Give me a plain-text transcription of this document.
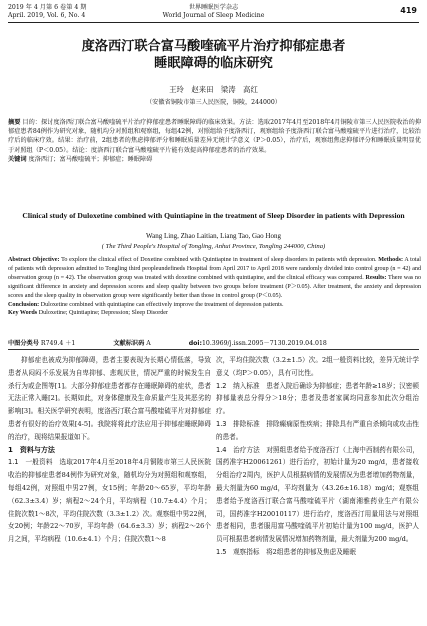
2019 年 4 月第 6 卷第 4 期
April. 2019, Vol. 6, No. 4
世界睡眠医学杂志
World Journal of Sleep Medicine
419
度洛西汀联合富马酸喹硫平片治疗抑郁症患者
睡眠障碍的临床研究
王玲　赵来田　梁涛　高红
（安徽省铜陵市第三人民医院，铜陵，244000）
摘要 目的：探讨度洛西汀联合富马酸喹硫平片治疗抑郁症患者睡眠障碍的临床效果。方法：选取2017年4月至2018年4月铜陵市第三人民医院收治的抑郁症患者84例作为研究对象，随机均分对照组和观察组，每组42例，对照组给予度洛西汀，观察组给予度洛西汀联合富马酸喹硫平片进行治疗，比较治疗后的临床疗效。结果：治疗前，2组患者的焦虑抑郁评分和睡眠质量差异无统计学意义（P＞0.05），治疗后，观察组焦虑抑郁评分和睡眠质量明显优于对照组（P＜0.05）。结论：度洛西汀联合富马酸喹硫平片能有效提高抑郁症患者的治疗效果。
关键词 度洛西汀；富马酸喹硫平；抑郁症；睡眠障碍
Clinical study of Duloxetine combined with Quintiapine in the treatment of Sleep Disorder in patients with Depression
Wang Ling, Zhao Laitian, Liang Tao, Gao Hong
( The Third People's Hospital of Tongling, Anhui Province, Tongling 244000, China)
Abstract Objective: To explore the clinical effect of Doxetine combined with Quintiapine in treatment of sleep disorders in patients with depression. Methods: A total of patients with depression admitted to Tongling third peopleundefineds Hospital from April 2017 to April 2018 were randomly divided into control group (n = 42) and observation group (n = 42). The observation group was treated with doxetine combined with quintiapine, and the clinical efficacy was compared. Results: There was no significant difference in anxiety and depression scores and sleep quality between two groups before treatment (P＞0.05). After treatment, the anxiety and depression scores and the sleep quality in observation group were significantly better than those in control group (P＜0.05).
Conclusion: Duloxetine combined with quintiapine can effectively improve the treatment of depression patients.
Key Words Duloxetine; Quintiapine; Depression; Sleep Disorder
中图分类号 R749.4 ＋1	文献标识码 A	doi:10.3969/j.issn.2095－7130.2019.04.018

抑郁症也被成为抑郁障碍，患者主要表现为长期心情低落，导致患者从闷闷不乐发展为自卑抑郁、悲观厌世，情况严重的时候发生自杀行为或企图等[1]。大部分抑郁症患者都存在睡眠障碍的症状，患者无法正常入睡[2]。长期如此，对身体健康及生命质量产生及其恶劣的影响[3]。相关医学研究表明，度洛西汀联合富马酸喹硫平片对抑郁症患者有很好的治疗效果[4-5]。我院将将此疗法应用于抑郁症睡眠障碍的治疗，现将结果报道如下。

1　资料与方法

1.1　一般资料　 选取2017年4月至2018年4月铜陵市第三人民医院收治的抑郁症患者84例作为研究对象，随机均分为对照组和观察组，每组42例，对照组中男27例，女15例；年龄20～65岁，平均年龄（62.3±3.4）岁；病程2～24个月，平均病程（10.7±4.4）个月；住院次数1～8次，平均住院次数（3.3±1.2）次。观察组中男22例，女20例；年龄22～70岁，平均年龄（64.6±3.3）岁；病程2～26个月之间，平均病程（10.6±4.1）个月；住院次数1～8

次，平均住院次数（3.2±1.5）次。2组一般资料比较，差异无统计学意义（均P＞0.05），具有可比性。

1.2　纳入标准　 患者入院后确诊为抑郁症；患者年龄≥18岁；汉密顿抑郁量表总分得分＞18分；患者及患者家属均同意参加此次分组治疗。

1.3　排除标准　 排除癫痫原性疾病；排除具有严重自杀倾向或攻击性的患者。

1.4　治疗方法　 对照组患者给予度洛西汀（上海中西制药有限公司，国药准字H20061261）进行治疗，初始计量为20 mg/d，患者接收分组治疗2周内，医护人员根据病情的发展情况为患者增加药物剂量，最大剂量为60 mg/d，平均剂量为（43.26±16.18）mg/d；观察组患者给予度洛西汀联合富马酸喹硫平片（湖南湘雅药业生产有限公司，国药准字H20010117）进行治疗，度洛西汀用量用法与对照组患者相同，患者服用富马酸喹硫平片初始计量为100 mg/d，医护人员可根据患者病情发展情况增加药物剂量，最大剂量为200 mg/d。

1.5　观察指标　 将2组患者的抑郁及焦虑及睡眠
